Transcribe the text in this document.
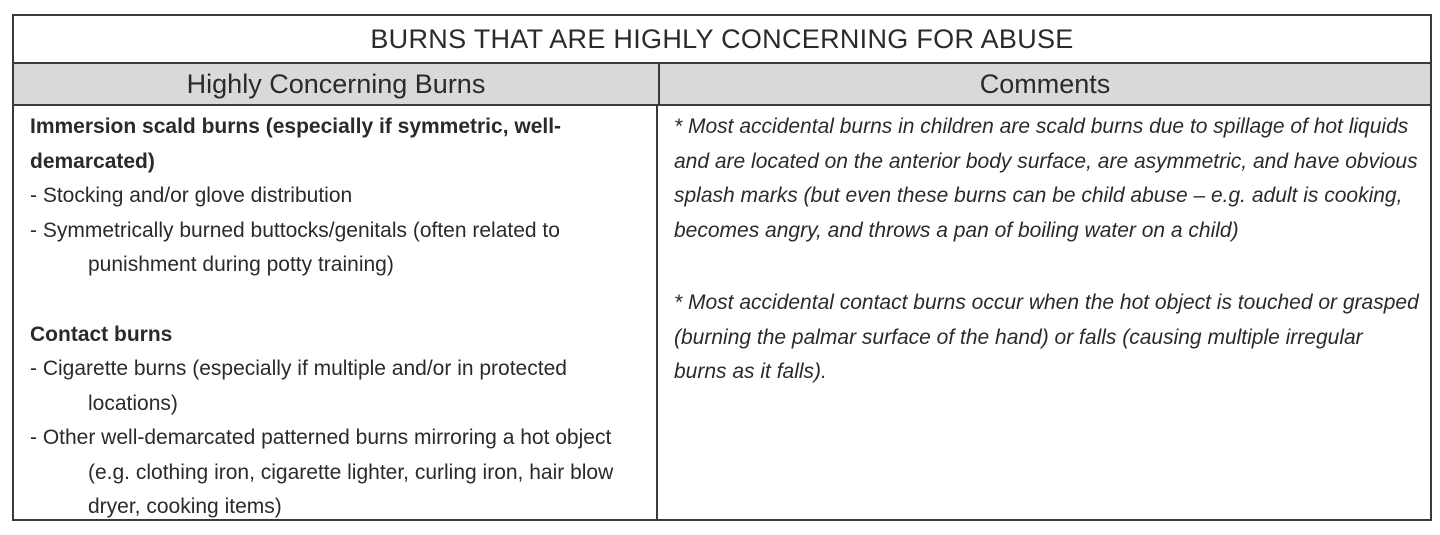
BURNS THAT ARE HIGHLY CONCERNING FOR ABUSE
Highly Concerning Burns	Comments
Immersion scald burns (especially if symmetric, well-demarcated)
- Stocking and/or glove distribution
- Symmetrically burned buttocks/genitals (often related to punishment during potty training)
Contact burns
- Cigarette burns (especially if multiple and/or in protected locations)
- Other well-demarcated patterned burns mirroring a hot object (e.g. clothing iron, cigarette lighter, curling iron, hair blow dryer, cooking items)

* Most accidental burns in children are scald burns due to spillage of hot liquids and are located on the anterior body surface, are asymmetric, and have obvious splash marks (but even these burns can be child abuse – e.g. adult is cooking, becomes angry, and throws a pan of boiling water on a child)

* Most accidental contact burns occur when the hot object is touched or grasped (burning the palmar surface of the hand) or falls (causing multiple irregular burns as it falls).
